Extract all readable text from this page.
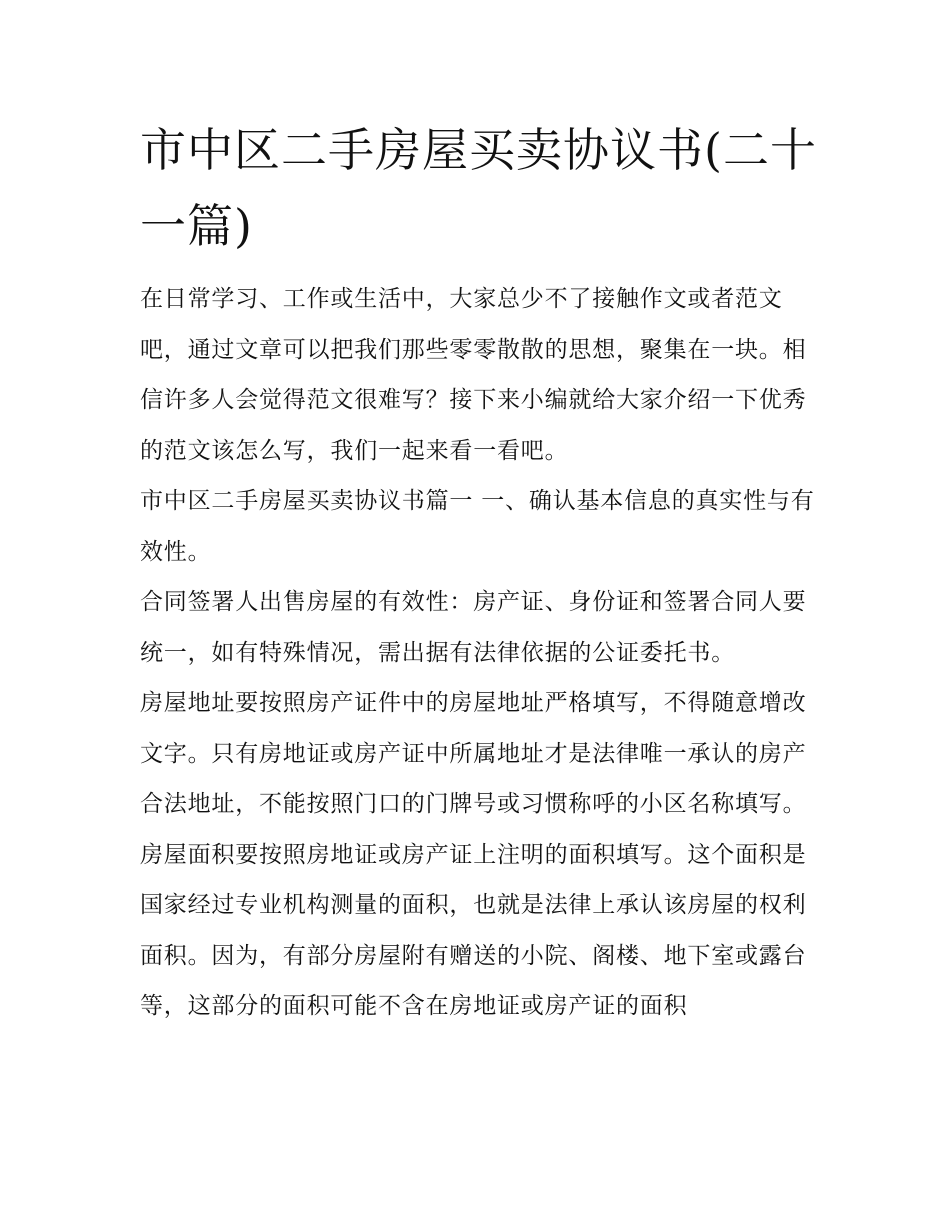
市中区二手房屋买卖协议书(二十一篇)

在日常学习、工作或生活中，大家总少不了接触作文或者范文吧，通过文章可以把我们那些零零散散的思想，聚集在一块。相信许多人会觉得范文很难写？接下来小编就给大家介绍一下优秀的范文该怎么写，我们一起来看一看吧。

市中区二手房屋买卖协议书篇一 一、确认基本信息的真实性与有效性。

合同签署人出售房屋的有效性：房产证、身份证和签署合同人要统一，如有特殊情况，需出据有法律依据的公证委托书。

房屋地址要按照房产证件中的房屋地址严格填写，不得随意增改文字。只有房地证或房产证中所属地址才是法律唯一承认的房产合法地址，不能按照门口的门牌号或习惯称呼的小区名称填写。

房屋面积要按照房地证或房产证上注明的面积填写。这个面积是国家经过专业机构测量的面积，也就是法律上承认该房屋的权利面积。因为，有部分房屋附有赠送的小院、阁楼、地下室或露台等，这部分的面积可能不含在房地证或房产证的面积
